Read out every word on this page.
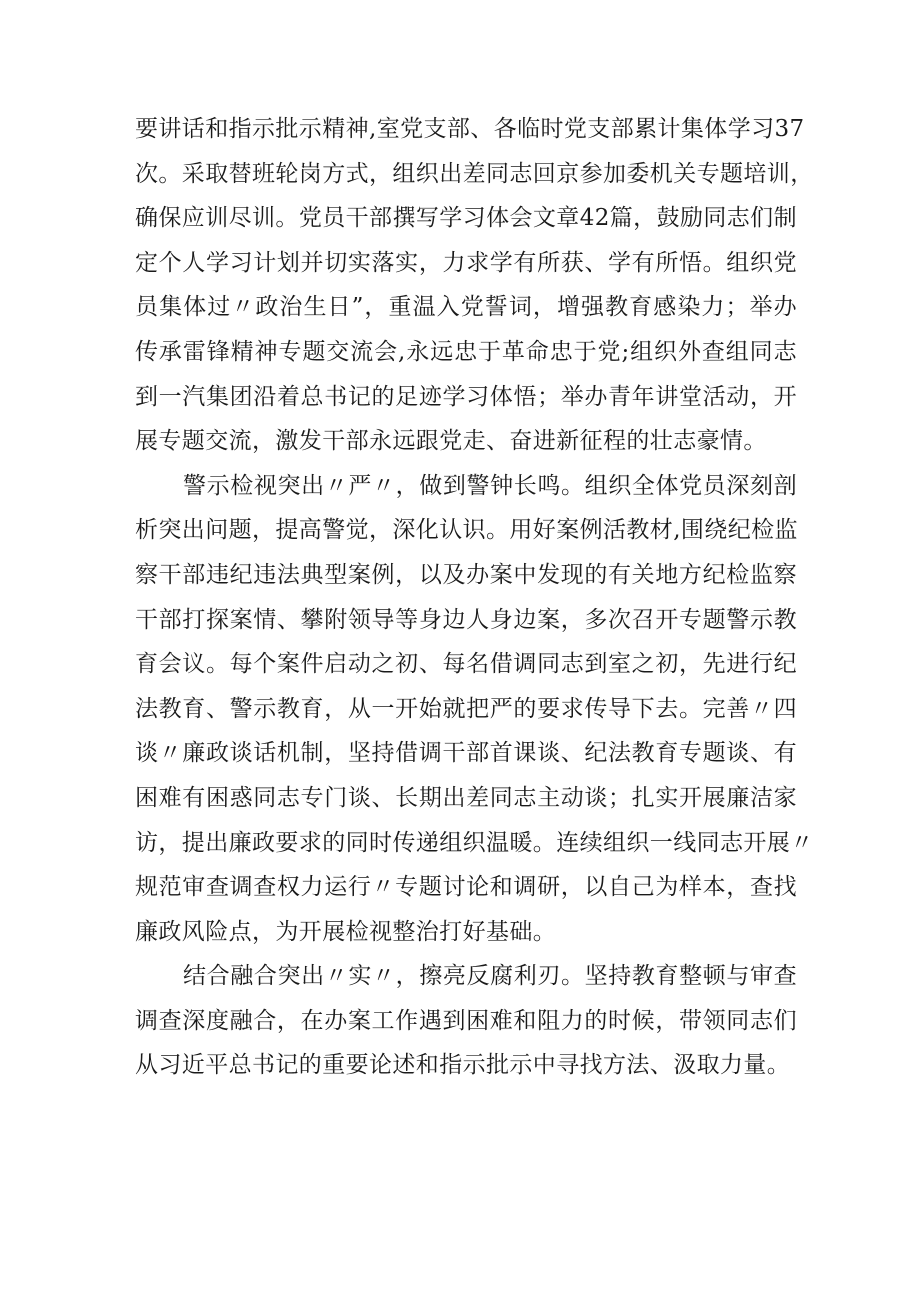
要讲话和指示批示精神,室党支部、各临时党支部累计集体学习37
次。采取替班轮岗方式，组织出差同志回京参加委机关专题培训，
确保应训尽训。党员干部撰写学习体会文章42篇，鼓励同志们制
定个人学习计划并切实落实，力求学有所获、学有所悟。组织党
员集体过〃政治生日”，重温入党誓词，增强教育感染力；举办
传承雷锋精神专题交流会,永远忠于革命忠于党;组织外查组同志
到一汽集团沿着总书记的足迹学习体悟；举办青年讲堂活动，开
展专题交流，激发干部永远跟党走、奋进新征程的壮志豪情。
警示检视突出〃严〃，做到警钟长鸣。组织全体党员深刻剖
析突出问题，提高警觉，深化认识。用好案例活教材,围绕纪检监
察干部违纪违法典型案例，以及办案中发现的有关地方纪检监察
干部打探案情、攀附领导等身边人身边案，多次召开专题警示教
育会议。每个案件启动之初、每名借调同志到室之初，先进行纪
法教育、警示教育，从一开始就把严的要求传导下去。完善〃四
谈〃廉政谈话机制，坚持借调干部首课谈、纪法教育专题谈、有
困难有困惑同志专门谈、长期出差同志主动谈；扎实开展廉洁家
访，提出廉政要求的同时传递组织温暖。连续组织一线同志开展〃
规范审查调查权力运行〃专题讨论和调研，以自己为样本，查找
廉政风险点，为开展检视整治打好基础。
结合融合突出〃实〃，擦亮反腐利刃。坚持教育整顿与审查
调查深度融合，在办案工作遇到困难和阻力的时候，带领同志们
从习近平总书记的重要论述和指示批示中寻找方法、汲取力量。
